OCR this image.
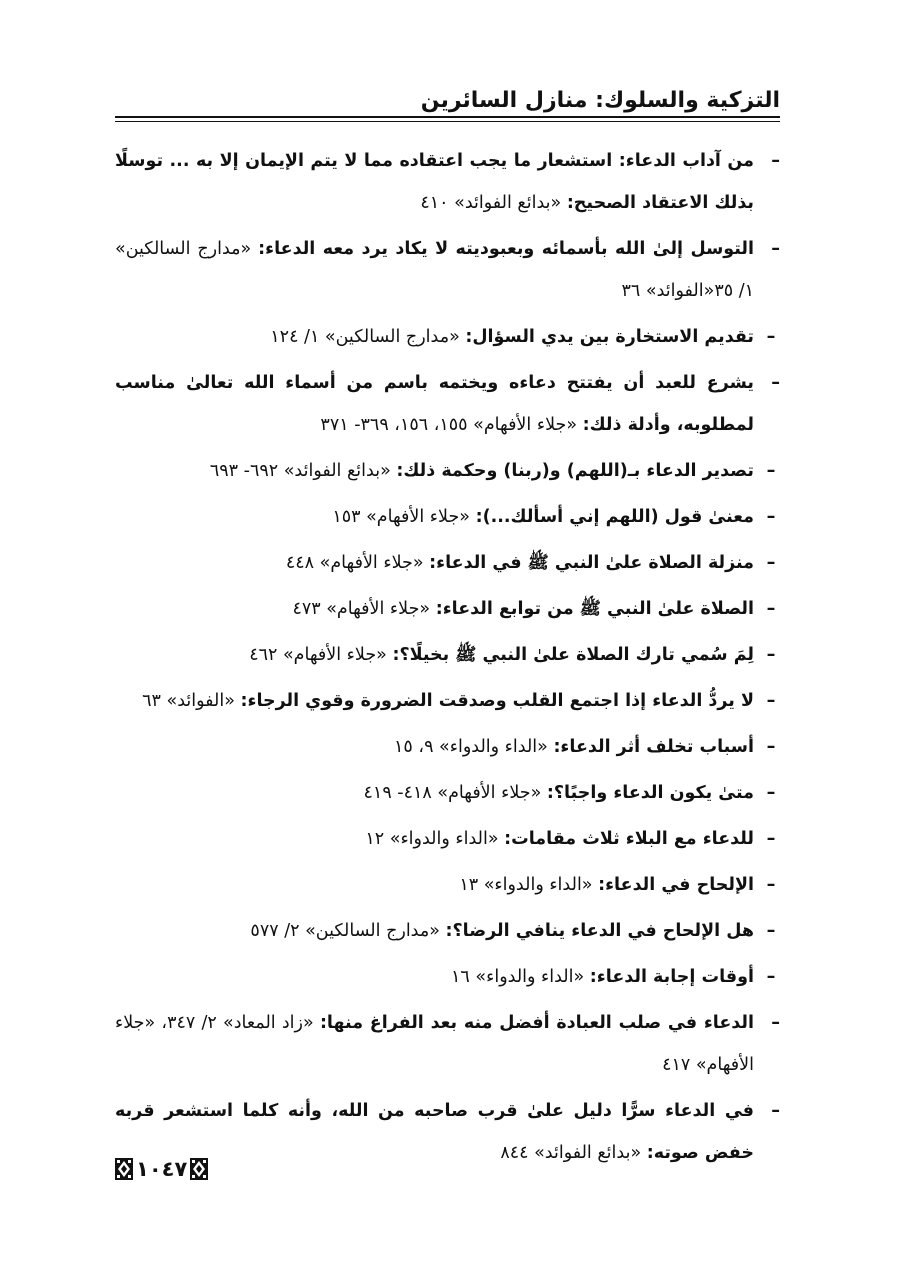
التزكية والسلوك: منازل السائرين
–
من آداب الدعاء: استشعار ما يجب اعتقاده مما لا يتم الإيمان إلا به ... توسلًا بذلك الاعتقاد الصحيح: «بدائع الفوائد» ٤١٠
–
التوسل إلىٰ الله بأسمائه وبعبوديته لا يكاد يرد معه الدعاء: «مدارج السالكين» ١/ ٣٥«الفوائد» ٣٦
–
تقديم الاستخارة بين يدي السؤال: «مدارج السالكين» ١/ ١٢٤
–
يشرع للعبد أن يفتتح دعاءه ويختمه باسم من أسماء الله تعالىٰ مناسب لمطلوبه، وأدلة ذلك: «جلاء الأفهام» ١٥٥، ١٥٦، ٣٦٩- ٣٧١
–
تصدير الدعاء بـ(اللهم) و(ربنا) وحكمة ذلك: «بدائع الفوائد» ٦٩٢- ٦٩٣
–
معنىٰ قول (اللهم إني أسألك...): «جلاء الأفهام» ١٥٣
–
منزلة الصلاة علىٰ النبي ﷺ في الدعاء: «جلاء الأفهام» ٤٤٨
–
الصلاة علىٰ النبي ﷺ من توابع الدعاء: «جلاء الأفهام» ٤٧٣
–
لِمَ سُمي تارك الصلاة علىٰ النبي ﷺ بخيلًا؟: «جلاء الأفهام» ٤٦٢
–
لا يردُّ الدعاء إذا اجتمع القلب وصدقت الضرورة وقوي الرجاء: «الفوائد» ٦٣
–
أسباب تخلف أثر الدعاء: «الداء والدواء» ٩، ١٥
–
متىٰ يكون الدعاء واجبًا؟: «جلاء الأفهام» ٤١٨- ٤١٩
–
للدعاء مع البلاء ثلاث مقامات: «الداء والدواء» ١٢
–
الإلحاح في الدعاء: «الداء والدواء» ١٣
–
هل الإلحاح في الدعاء ينافي الرضا؟: «مدارج السالكين» ٢/ ٥٧٧
–
أوقات إجابة الدعاء: «الداء والدواء» ١٦
–
الدعاء في صلب العبادة أفضل منه بعد الفراغ منها: «زاد المعاد» ٢/ ٣٤٧، «جلاء الأفهام» ٤١٧
–
في الدعاء سرًّا دليل علىٰ قرب صاحبه من الله، وأنه كلما استشعر قربه خفض صوته: «بدائع الفوائد» ٨٤٤
١٠٤٧
